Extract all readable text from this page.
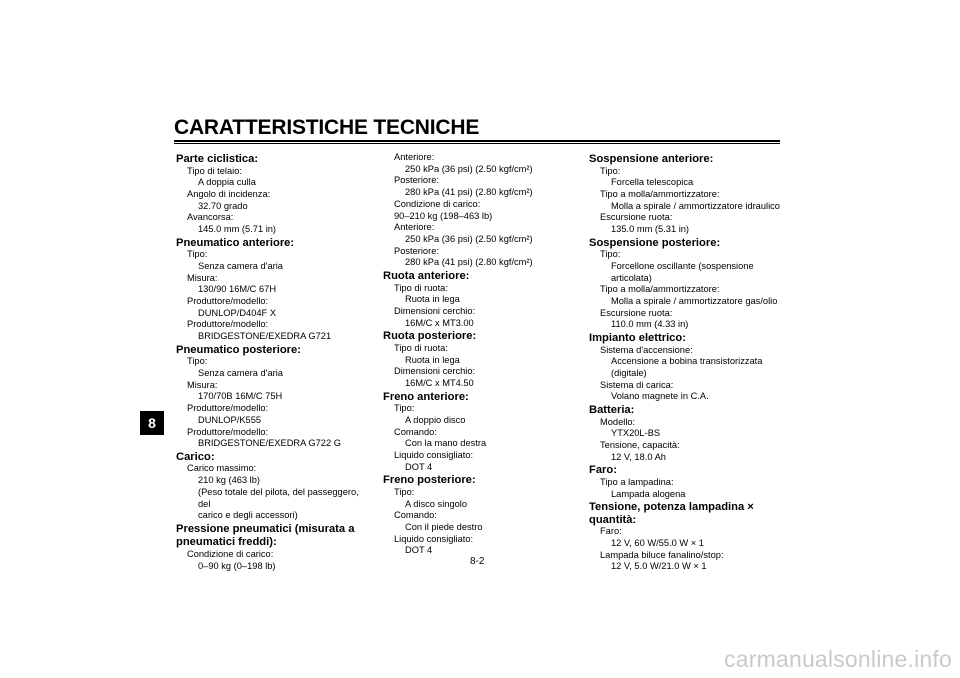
CARATTERISTICHE TECNICHE
8
Parte ciclistica:
Tipo di telaio:
A doppia culla
Angolo di incidenza:
32.70 grado
Avancorsa:
145.0 mm (5.71 in)
Pneumatico anteriore:
Tipo:
Senza camera d'aria
Misura:
130/90 16M/C 67H
Produttore/modello:
DUNLOP/D404F X
Produttore/modello:
BRIDGESTONE/EXEDRA G721
Pneumatico posteriore:
Tipo:
Senza camera d'aria
Misura:
170/70B 16M/C 75H
Produttore/modello:
DUNLOP/K555
Produttore/modello:
BRIDGESTONE/EXEDRA G722 G
Carico:
Carico massimo:
210 kg (463 lb)
(Peso totale del pilota, del passeggero, del
carico e degli accessori)
Pressione pneumatici (misurata a
pneumatici freddi):
Condizione di carico:
0–90 kg (0–198 lb)
Anteriore:
250 kPa (36 psi) (2.50 kgf/cm²)
Posteriore:
280 kPa (41 psi) (2.80 kgf/cm²)
Condizione di carico:
90–210 kg (198–463 lb)
Anteriore:
250 kPa (36 psi) (2.50 kgf/cm²)
Posteriore:
280 kPa (41 psi) (2.80 kgf/cm²)
Ruota anteriore:
Tipo di ruota:
Ruota in lega
Dimensioni cerchio:
16M/C x MT3.00
Ruota posteriore:
Tipo di ruota:
Ruota in lega
Dimensioni cerchio:
16M/C x MT4.50
Freno anteriore:
Tipo:
A doppio disco
Comando:
Con la mano destra
Liquido consigliato:
DOT 4
Freno posteriore:
Tipo:
A disco singolo
Comando:
Con il piede destro
Liquido consigliato:
DOT 4
Sospensione anteriore:
Tipo:
Forcella telescopica
Tipo a molla/ammortizzatore:
Molla a spirale / ammortizzatore idraulico
Escursione ruota:
135.0 mm (5.31 in)
Sospensione posteriore:
Tipo:
Forcellone oscillante (sospensione
articolata)
Tipo a molla/ammortizzatore:
Molla a spirale / ammortizzatore gas/olio
Escursione ruota:
110.0 mm (4.33 in)
Impianto elettrico:
Sistema d'accensione:
Accensione a bobina transistorizzata
(digitale)
Sistema di carica:
Volano magnete in C.A.
Batteria:
Modello:
YTX20L-BS
Tensione, capacità:
12 V, 18.0 Ah
Faro:
Tipo a lampadina:
Lampada alogena
Tensione, potenza lampadina × quantità:
Faro:
12 V, 60 W/55.0 W × 1
Lampada biluce fanalino/stop:
12 V, 5.0 W/21.0 W × 1
8-2
carmanualsonline.info
